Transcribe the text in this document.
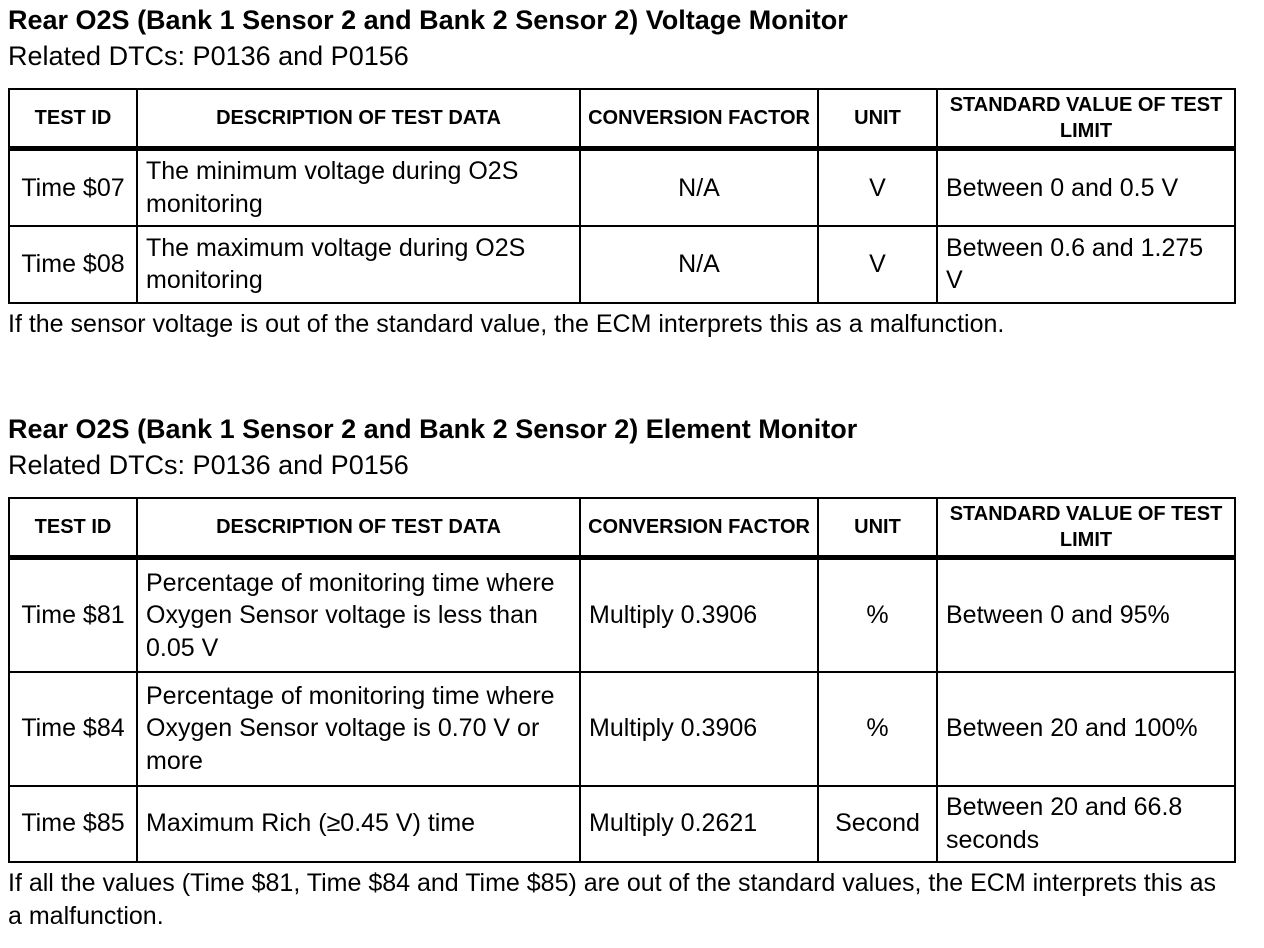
Rear O2S (Bank 1 Sensor 2 and Bank 2 Sensor 2) Voltage Monitor

Related DTCs: P0136 and P0156

TEST ID	DESCRIPTION OF TEST DATA	CONVERSION FACTOR	UNIT	STANDARD VALUE OF TEST LIMIT
Time $07	The minimum voltage during O2S monitoring	N/A	V	Between 0 and 0.5 V
Time $08	The maximum voltage during O2S monitoring	N/A	V	Between 0.6 and 1.275 V

If the sensor voltage is out of the standard value, the ECM interprets this as a malfunction.

Rear O2S (Bank 1 Sensor 2 and Bank 2 Sensor 2) Element Monitor

Related DTCs: P0136 and P0156

TEST ID	DESCRIPTION OF TEST DATA	CONVERSION FACTOR	UNIT	STANDARD VALUE OF TEST LIMIT
Time $81	Percentage of monitoring time where Oxygen Sensor voltage is less than 0.05 V	Multiply 0.3906	%	Between 0 and 95%
Time $84	Percentage of monitoring time where Oxygen Sensor voltage is 0.70 V or more	Multiply 0.3906	%	Between 20 and 100%
Time $85	Maximum Rich (≥0.45 V) time	Multiply 0.2621	Second	Between 20 and 66.8 seconds

If all the values (Time $81, Time $84 and Time $85) are out of the standard values, the ECM interprets this as a malfunction.
